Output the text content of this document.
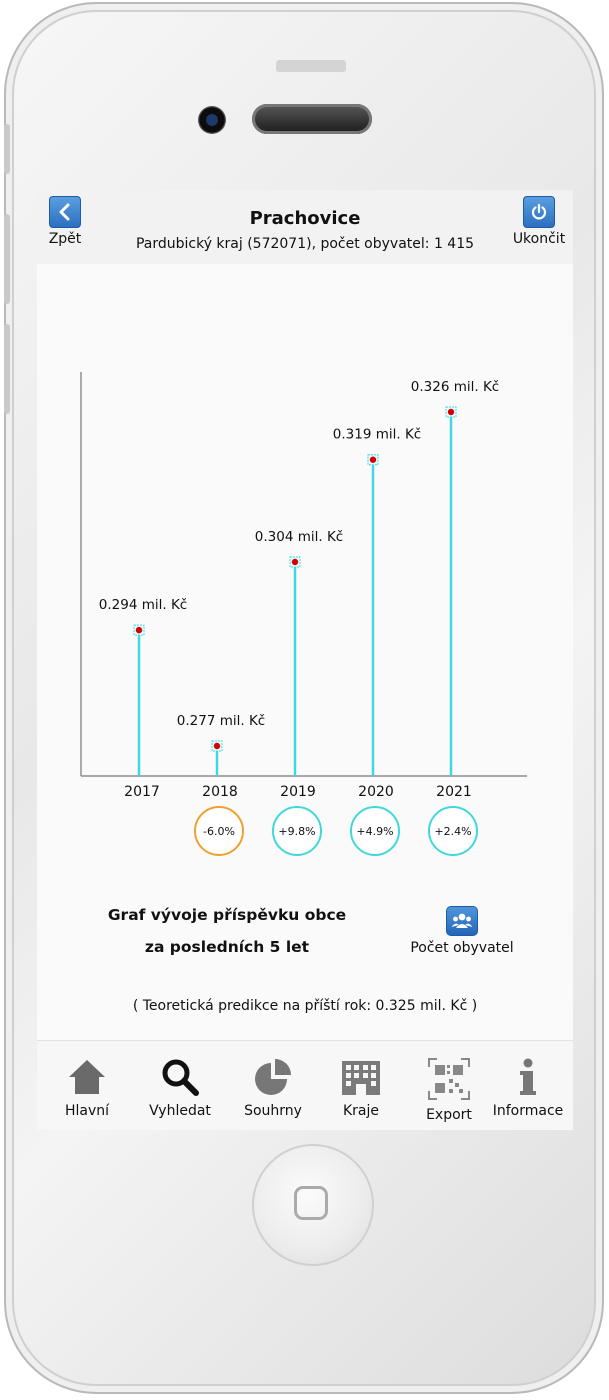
Zpět
Prachovice
Pardubický kraj (572071), počet obyvatel: 1 415	Ukončit
0.294 mil. Kč
2017
0.277 mil. Kč
2018
0.304 mil. Kč
2019
0.319 mil. Kč
2020
0.326 mil. Kč
2021
-6.0%	+9.8%	+4.9%	+2.4%
Graf vývoje příspěvku obce
za posledních 5 let	Počet obyvatel
( Teoretická predikce na příští rok: 0.325 mil. Kč )
Hlavní	Vyhledat	Souhrny	Kraje	Export	Informace
